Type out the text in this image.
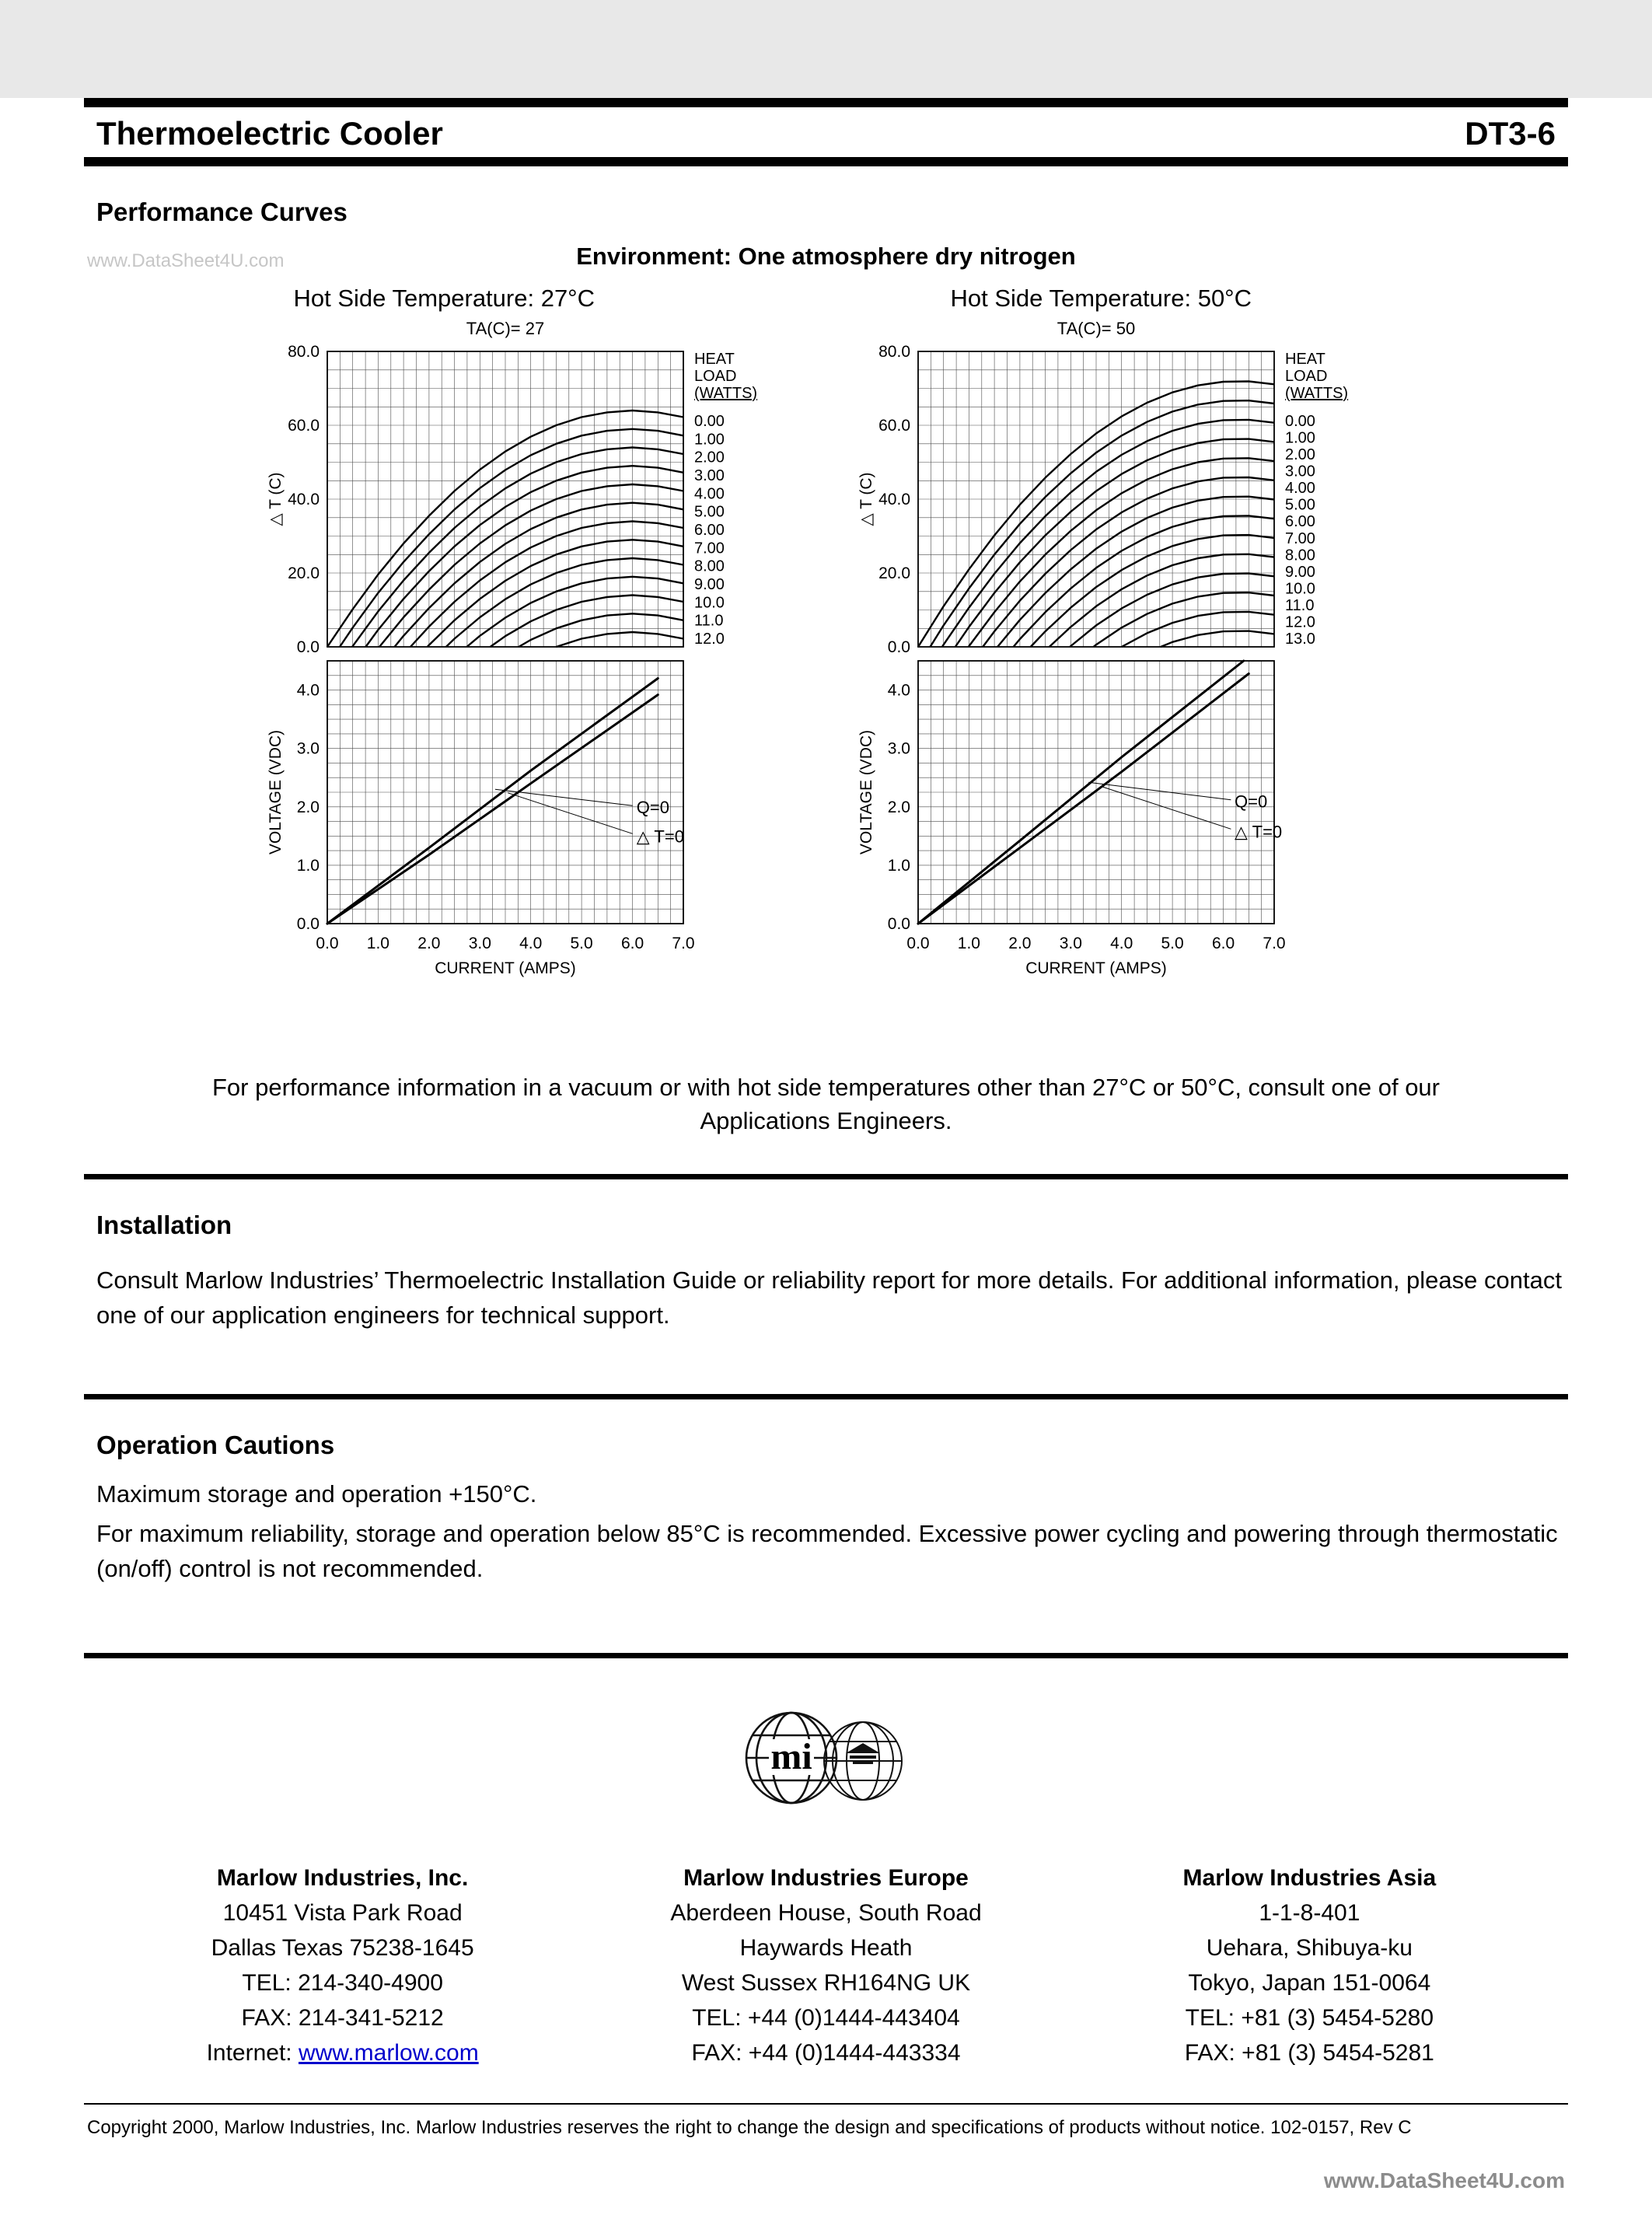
Thermoelectric Cooler	DT3-6
www.DataSheet4U.com
Performance Curves
Environment: One atmosphere dry nitrogen
Hot Side Temperature: 27°C
TA(C)= 27
0.0
20.0
40.0
60.0
80.0
0.0
1.0
2.0
3.0
4.0
0.0 1.0 2.0 3.0 4.0 5.0 6.0 7.0
CURRENT (AMPS)
△ T (C)
VOLTAGE (VDC)	Q=0
△ T=0
HEAT
LOAD
(WATTS)
0.00
1.00
2.00
3.00
4.00
5.00
6.00
7.00
8.00
9.00
10.0
11.0
12.0
Hot Side Temperature: 50°C
TA(C)= 50
0.0
20.0
40.0
60.0
80.0
0.0
1.0
2.0
3.0
4.0
0.0 1.0 2.0 3.0 4.0 5.0 6.0 7.0
CURRENT (AMPS)
△ T (C)
VOLTAGE (VDC)	Q=0
△ T=0
HEAT
LOAD
(WATTS)
0.00
1.00
2.00
3.00
4.00
5.00
6.00
7.00
8.00
9.00
10.0
11.0
12.0
13.0
For performance information in a vacuum or with hot side temperatures other than 27°C or 50°C, consult one of our
Applications Engineers.
Installation
Consult Marlow Industries’ Thermoelectric Installation Guide or reliability report for more details. For additional information, please contact one of our application engineers for technical support.
Operation Cautions
Maximum storage and operation +150°C.
For maximum reliability, storage and operation below 85°C is recommended. Excessive power cycling and powering through thermostatic (on/off) control is not recommended.
mi
Marlow Industries, Inc.
10451 Vista Park Road
Dallas Texas 75238-1645
TEL: 214-340-4900
FAX: 214-341-5212
Internet: www.marlow.com
Marlow Industries Europe
Aberdeen House, South Road
Haywards Heath
West Sussex RH164NG UK
TEL: +44 (0)1444-443404
FAX: +44 (0)1444-443334
Marlow Industries Asia
1-1-8-401
Uehara, Shibuya-ku
Tokyo, Japan 151-0064
TEL: +81 (3) 5454-5280
FAX: +81 (3) 5454-5281
Copyright 2000, Marlow Industries, Inc. Marlow Industries reserves the right to change the design and specifications of products without notice. 102-0157, Rev C
www.DataSheet4U.com
